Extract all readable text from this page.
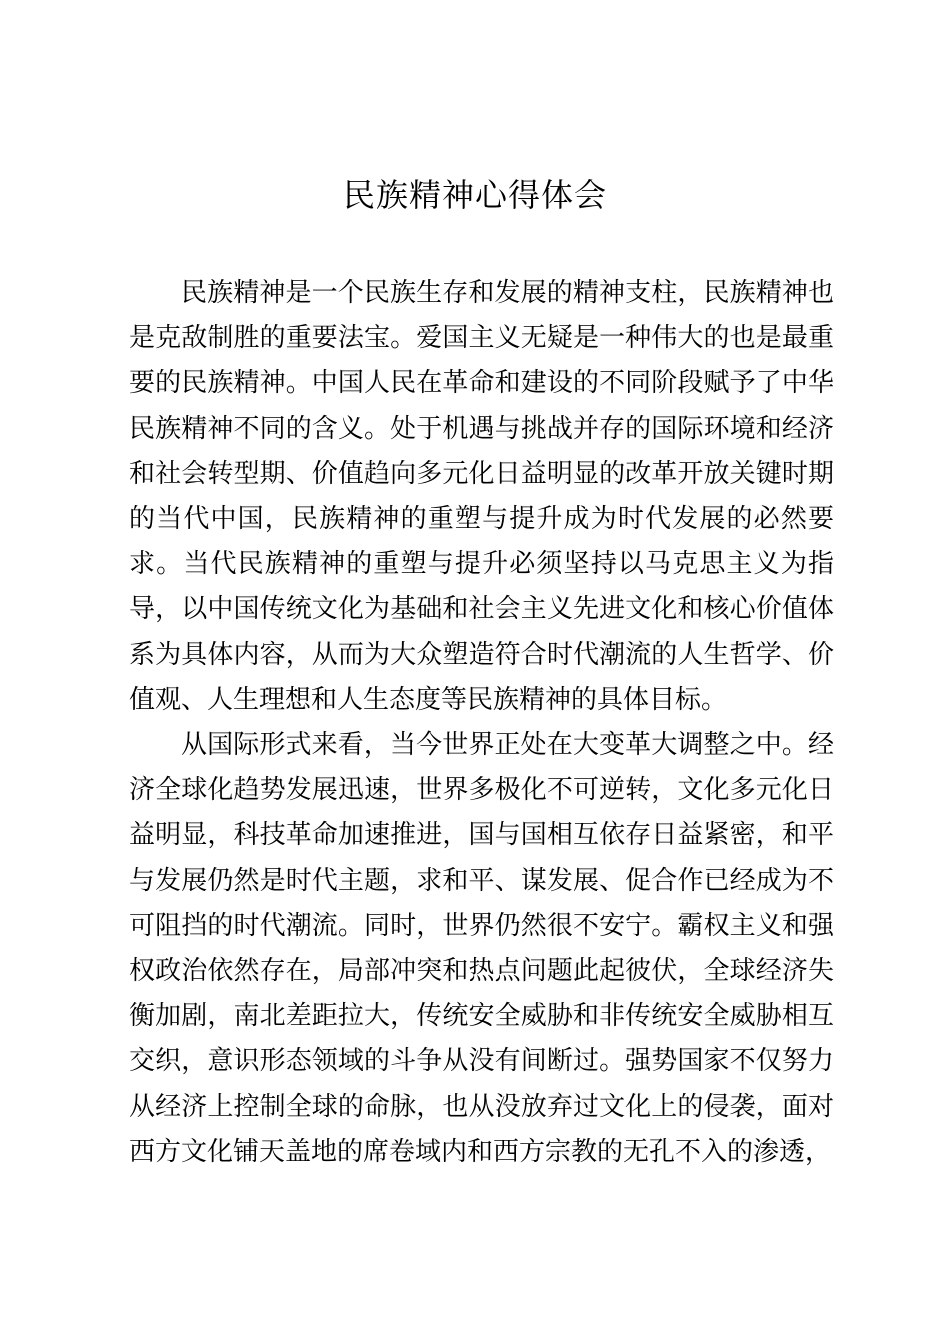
民族精神心得体会

民族精神是一个民族生存和发展的精神支柱，民族精神也是克敌制胜的重要法宝。爱国主义无疑是一种伟大的也是最重要的民族精神。中国人民在革命和建设的不同阶段赋予了中华民族精神不同的含义。处于机遇与挑战并存的国际环境和经济和社会转型期、价值趋向多元化日益明显的改革开放关键时期的当代中国，民族精神的重塑与提升成为时代发展的必然要求。当代民族精神的重塑与提升必须坚持以马克思主义为指导，以中国传统文化为基础和社会主义先进文化和核心价值体系为具体内容，从而为大众塑造符合时代潮流的人生哲学、价值观、人生理想和人生态度等民族精神的具体目标。

从国际形式来看，当今世界正处在大变革大调整之中。经济全球化趋势发展迅速，世界多极化不可逆转，文化多元化日益明显，科技革命加速推进，国与国相互依存日益紧密，和平与发展仍然是时代主题，求和平、谋发展、促合作已经成为不可阻挡的时代潮流。同时，世界仍然很不安宁。霸权主义和强权政治依然存在，局部冲突和热点问题此起彼伏，全球经济失衡加剧，南北差距拉大，传统安全威胁和非传统安全威胁相互交织，意识形态领域的斗争从没有间断过。强势国家不仅努力从经济上控制全球的命脉，也从没放弃过文化上的侵袭，面对西方文化铺天盖地的席卷域内和西方宗教的无孔不入的渗透，
